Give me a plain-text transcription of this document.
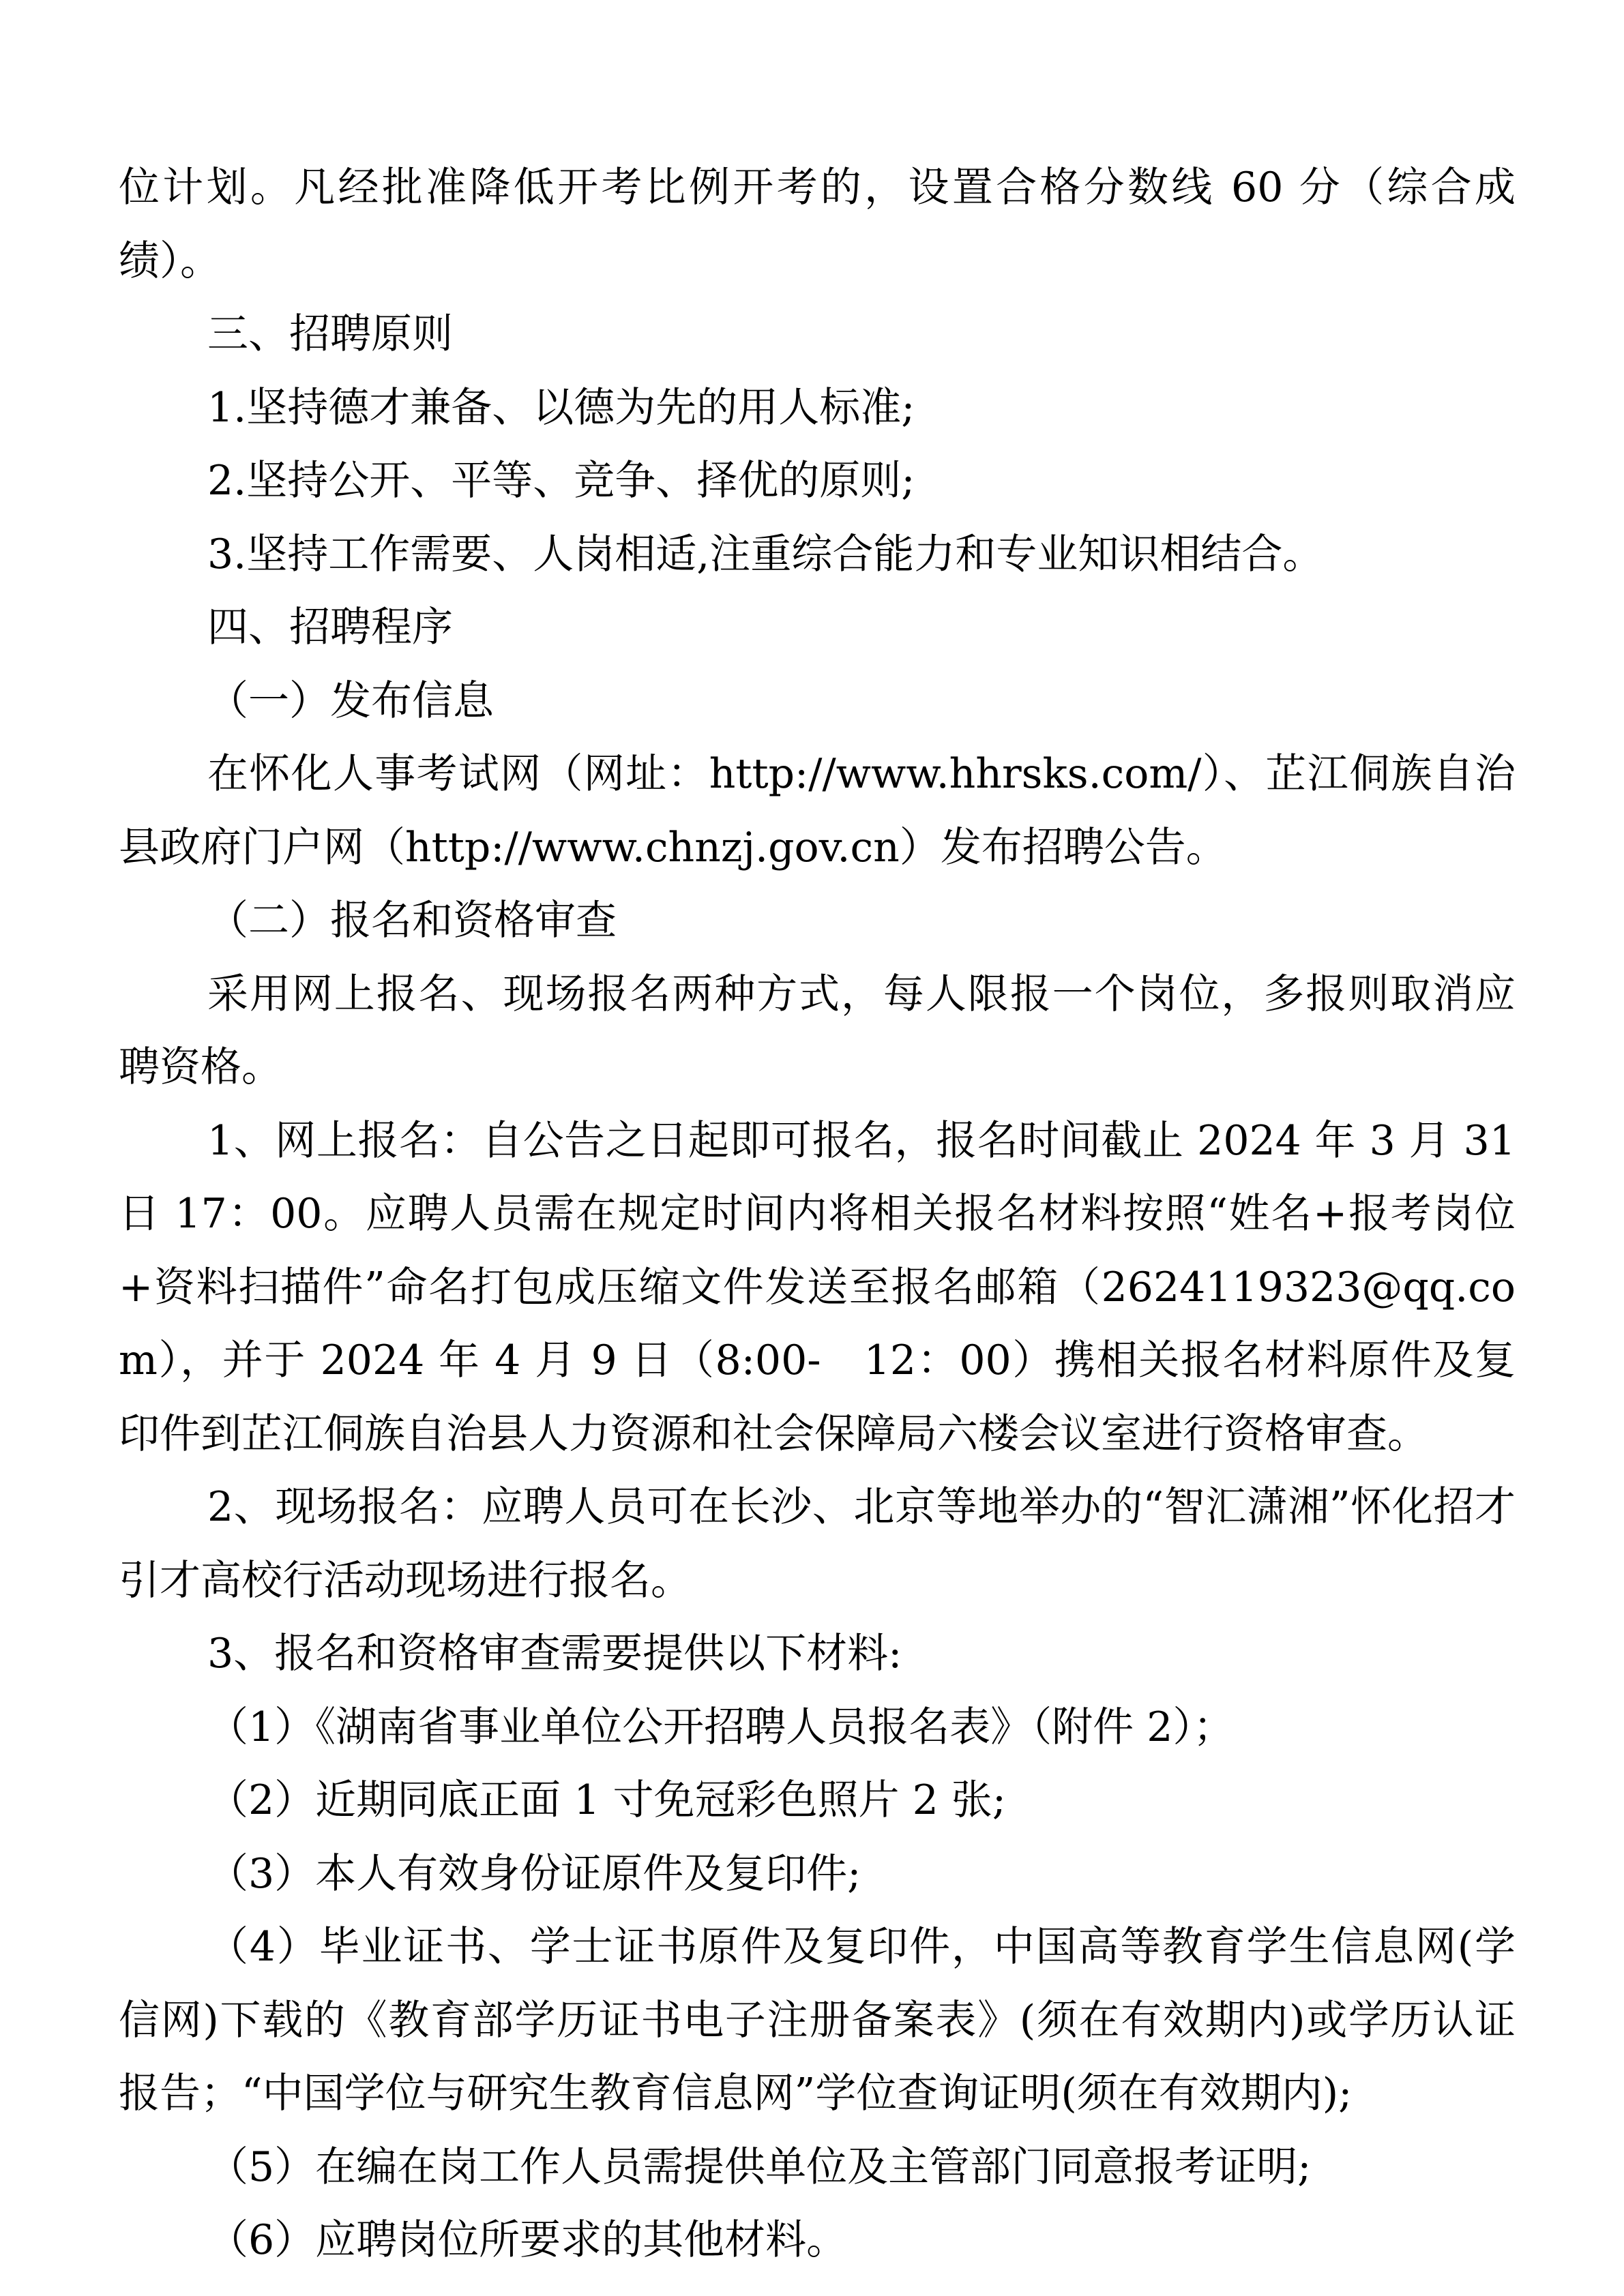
位计划。凡经批准降低开考比例开考的，设置合格分数线 60 分（综合成绩）。

三、招聘原则

1.坚持德才兼备、以德为先的用人标准;

2.坚持公开、平等、竞争、择优的原则;

3.坚持工作需要、人岗相适,注重综合能力和专业知识相结合。

四、招聘程序

（一）发布信息

在怀化人事考试网（网址：http://www.hhrsks.com/）、芷江侗族自治县政府门户网（http://www.chnzj.gov.cn）发布招聘公告。

（二）报名和资格审查

采用网上报名、现场报名两种方式，每人限报一个岗位，多报则取消应聘资格。

1、网上报名：自公告之日起即可报名，报名时间截止 2024 年 3 月 31 日 17：00。应聘人员需在规定时间内将相关报名材料按照“姓名+报考岗位+资料扫描件”命名打包成压缩文件发送至报名邮箱（2624119323@qq.com），并于 2024 年 4 月 9 日（8:00-　12：00）携相关报名材料原件及复印件到芷江侗族自治县人力资源和社会保障局六楼会议室进行资格审查。

2、现场报名：应聘人员可在长沙、北京等地举办的“智汇潇湘”怀化招才引才高校行活动现场进行报名。

3、报名和资格审查需要提供以下材料:

（1）《湖南省事业单位公开招聘人员报名表》（附件 2）；

（2）近期同底正面 1 寸免冠彩色照片 2 张;

（3）本人有效身份证原件及复印件;

（4）毕业证书、学士证书原件及复印件，中国高等教育学生信息网(学信网)下载的《教育部学历证书电子注册备案表》(须在有效期内)或学历认证报告；“中国学位与研究生教育信息网”学位查询证明(须在有效期内);

（5）在编在岗工作人员需提供单位及主管部门同意报考证明;

（6）应聘岗位所要求的其他材料。
